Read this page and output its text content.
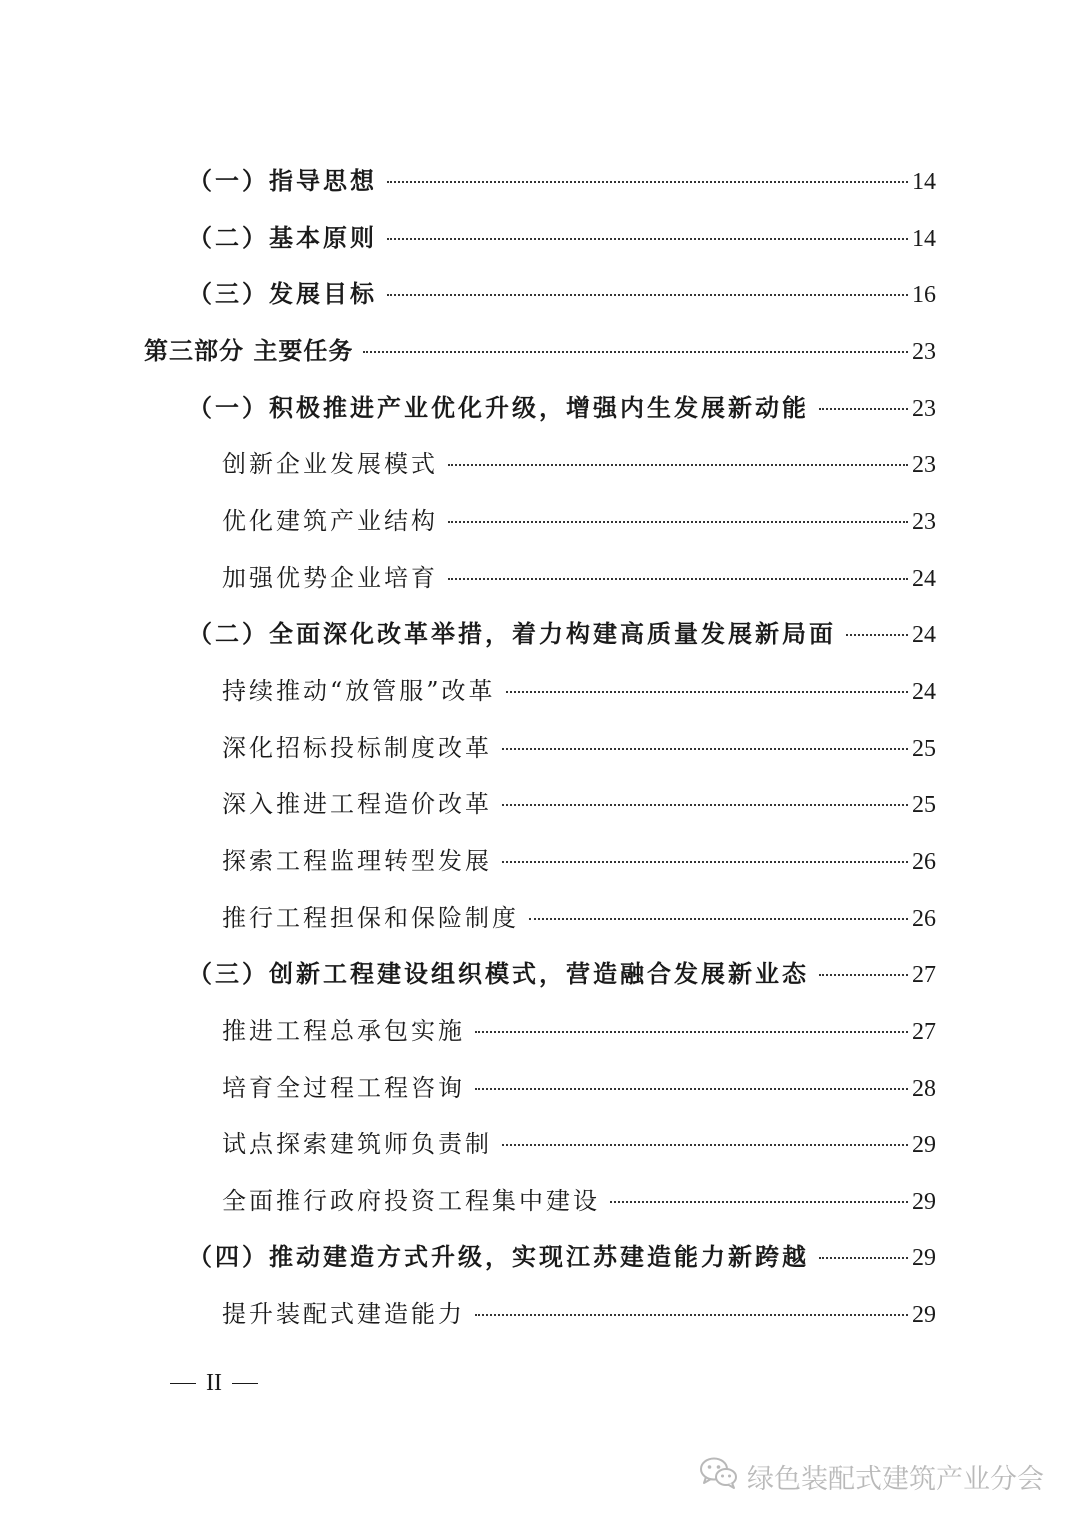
（一）指导思想	14
（二）基本原则	14
（三）发展目标	16
第三部分 主要任务	23
（一）积极推进产业优化升级，增强内生发展新动能	23
创新企业发展模式	23
优化建筑产业结构	23
加强优势企业培育	24
（二）全面深化改革举措，着力构建高质量发展新局面	24
持续推动“放管服”改革	24
深化招标投标制度改革	25
深入推进工程造价改革	25
探索工程监理转型发展	26
推行工程担保和保险制度	26
（三）创新工程建设组织模式，营造融合发展新业态	27
推进工程总承包实施	27
培育全过程工程咨询	28
试点探索建筑师负责制	29
全面推行政府投资工程集中建设	29
（四）推动建造方式升级，实现江苏建造能力新跨越	29
提升装配式建造能力	29
II
绿色装配式建筑产业分会
